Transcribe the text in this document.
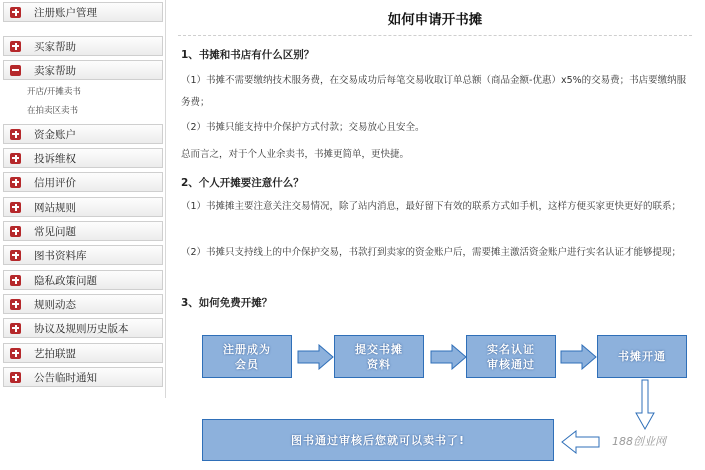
注册账户管理
买家帮助
卖家帮助
开店/开摊卖书
在拍卖区卖书
资金账户
投诉维权
信用评价
网站规则
常见问题
图书资料库
隐私政策问题
规则动态
协议及规则历史版本
艺拍联盟
公告临时通知
如何申请开书摊
1、书摊和书店有什么区别？
（1）书摊不需要缴纳技术服务费，在交易成功后每笔交易收取订单总额（商品金额-优惠）x5%的交易费；书店要缴纳服务费；
（2）书摊只能支持中介保护方式付款；交易放心且安全。
总而言之，对于个人业余卖书，书摊更简单，更快捷。
2、个人开摊要注意什么？
（1）书摊摊主要注意关注交易情况，除了站内消息，最好留下有效的联系方式如手机，这样方便买家更快更好的联系；
（2）书摊只支持线上的中介保护交易，书款打到卖家的资金账户后，需要摊主激活资金账户进行实名认证才能够提现；
3、如何免费开摊？
注册成为
会员
提交书摊
资料
实名认证
审核通过
书摊开通
图书通过审核后您就可以卖书了!	188创业网
